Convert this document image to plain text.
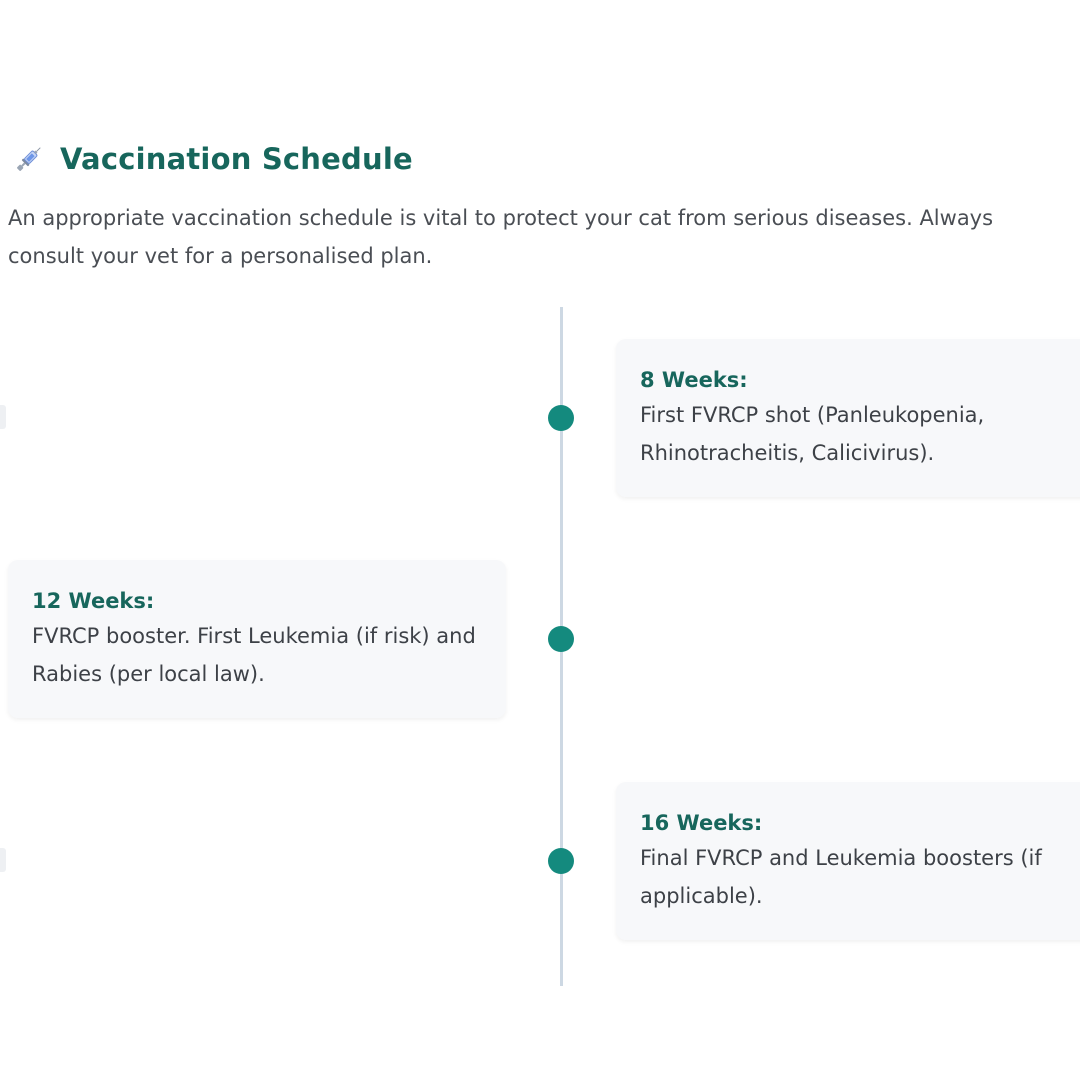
Vaccination Schedule

An appropriate vaccination schedule is vital to protect your cat from serious diseases. Always consult your vet for a personalised plan.

8 Weeks:
First FVRCP shot (Panleukopenia, Rhinotracheitis, Calicivirus).
12 Weeks:
FVRCP booster. First Leukemia (if risk) and Rabies (per local law).
16 Weeks:
Final FVRCP and Leukemia boosters (if applicable).
